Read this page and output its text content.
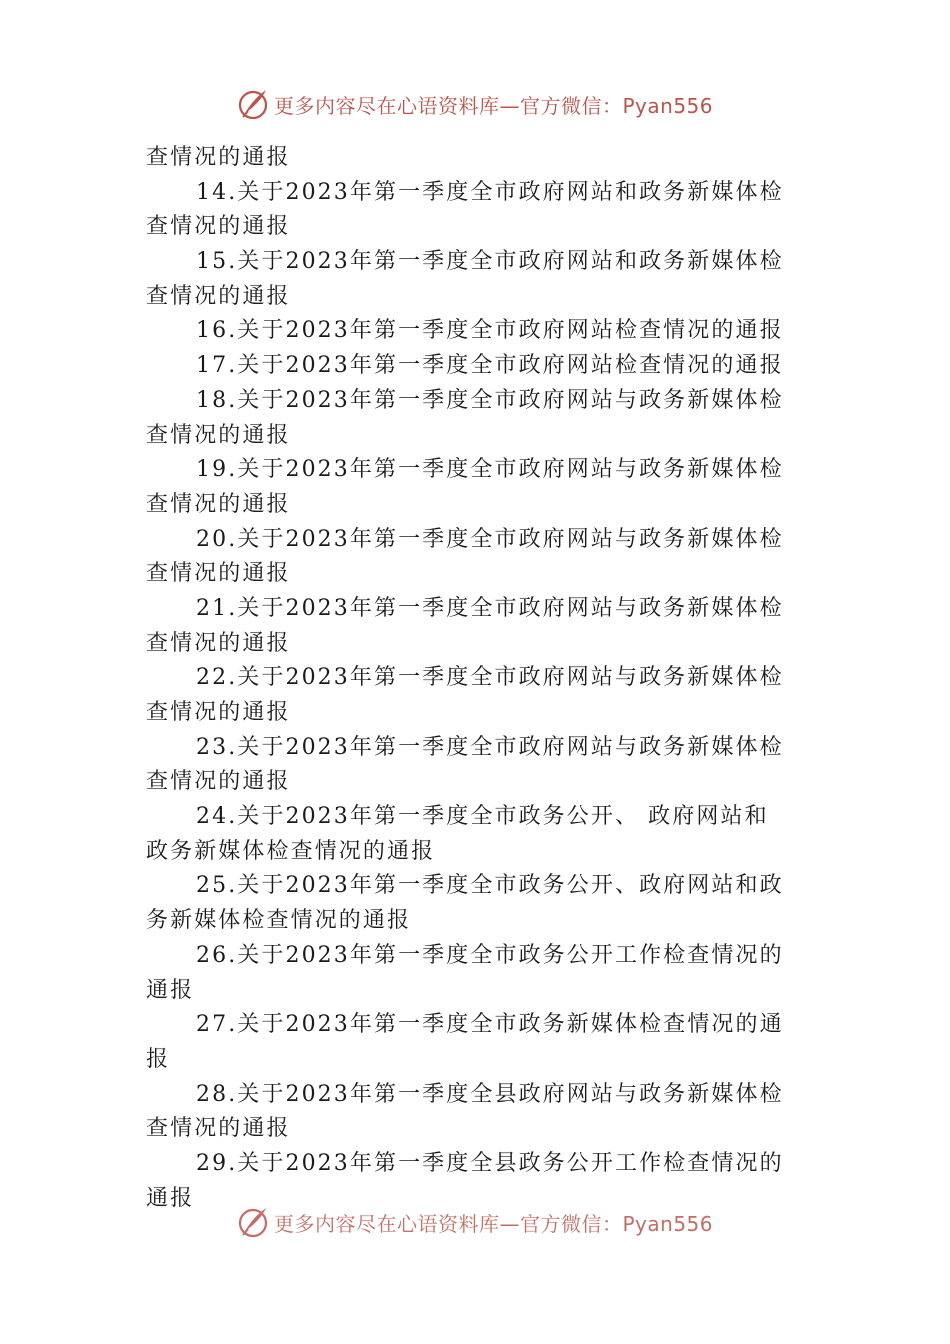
更多内容尽在心语资料库—官方微信：Pyan556
查情况的通报
14.关于2023年第一季度全市政府网站和政务新媒体检
查情况的通报
15.关于2023年第一季度全市政府网站和政务新媒体检
查情况的通报
16.关于2023年第一季度全市政府网站检查情况的通报
17.关于2023年第一季度全市政府网站检查情况的通报
18.关于2023年第一季度全市政府网站与政务新媒体检
查情况的通报
19.关于2023年第一季度全市政府网站与政务新媒体检
查情况的通报
20.关于2023年第一季度全市政府网站与政务新媒体检
查情况的通报
21.关于2023年第一季度全市政府网站与政务新媒体检
查情况的通报
22.关于2023年第一季度全市政府网站与政务新媒体检
查情况的通报
23.关于2023年第一季度全市政府网站与政务新媒体检
查情况的通报
24.关于2023年第一季度全市政务公开、 政府网站和
政务新媒体检查情况的通报
25.关于2023年第一季度全市政务公开、政府网站和政
务新媒体检查情况的通报
26.关于2023年第一季度全市政务公开工作检查情况的
通报
27.关于2023年第一季度全市政务新媒体检查情况的通
报
28.关于2023年第一季度全县政府网站与政务新媒体检
查情况的通报
29.关于2023年第一季度全县政务公开工作检查情况的
通报
更多内容尽在心语资料库—官方微信：Pyan556
